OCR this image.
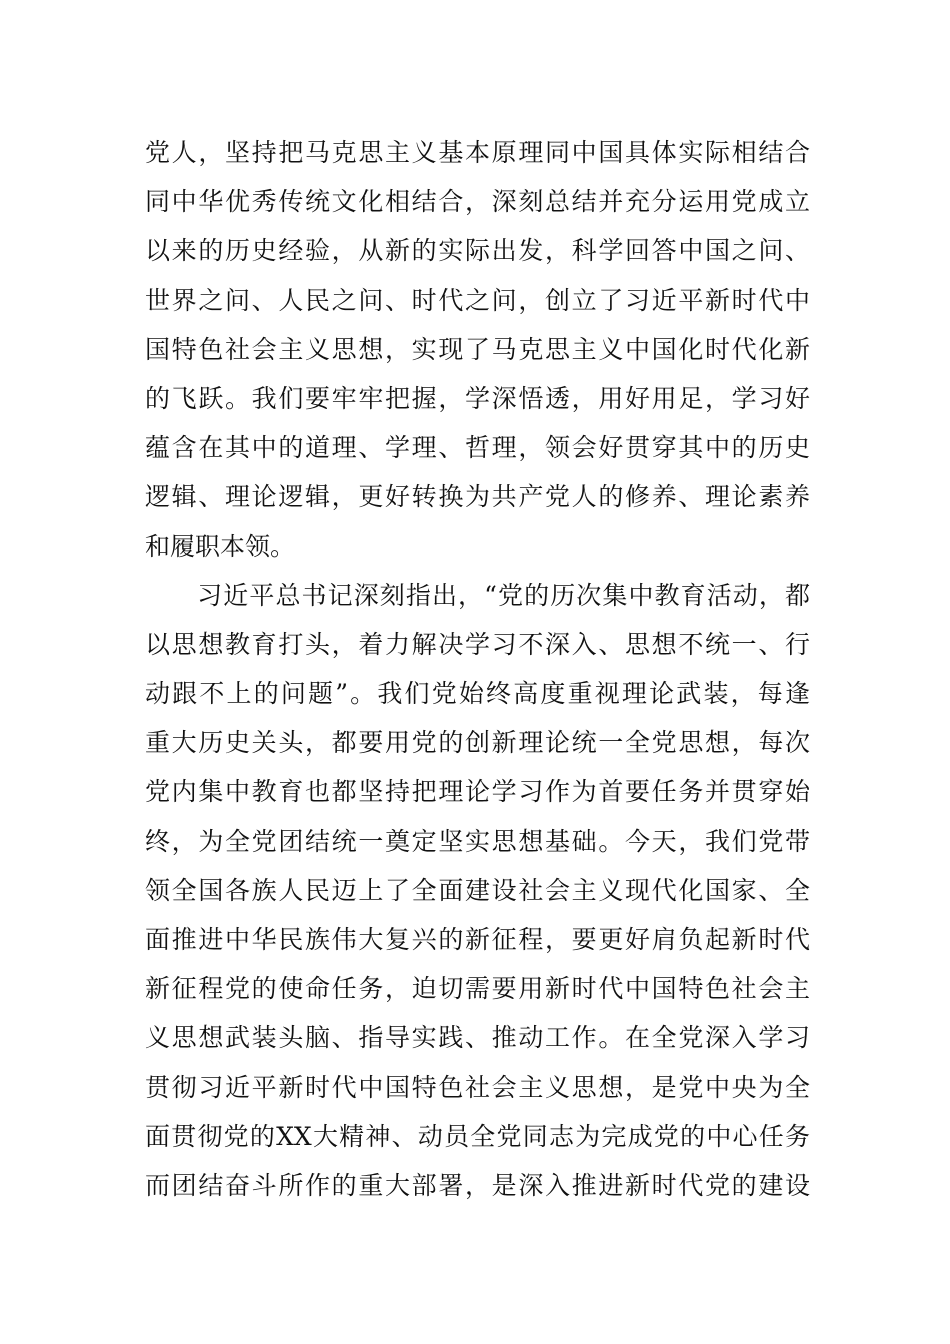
党人，坚持把马克思主义基本原理同中国具体实际相结合
同中华优秀传统文化相结合，深刻总结并充分运用党成立
以来的历史经验，从新的实际出发，科学回答中国之问、
世界之问、人民之问、时代之问，创立了习近平新时代中
国特色社会主义思想，实现了马克思主义中国化时代化新
的飞跃。我们要牢牢把握，学深悟透，用好用足，学习好
蕴含在其中的道理、学理、哲理，领会好贯穿其中的历史
逻辑、理论逻辑，更好转换为共产党人的修养、理论素养
和履职本领。
　　习近平总书记深刻指出，“党的历次集中教育活动，都
以思想教育打头，着力解决学习不深入、思想不统一、行
动跟不上的问题”。我们党始终高度重视理论武装，每逢
重大历史关头，都要用党的创新理论统一全党思想，每次
党内集中教育也都坚持把理论学习作为首要任务并贯穿始
终，为全党团结统一奠定坚实思想基础。今天，我们党带
领全国各族人民迈上了全面建设社会主义现代化国家、全
面推进中华民族伟大复兴的新征程，要更好肩负起新时代
新征程党的使命任务，迫切需要用新时代中国特色社会主
义思想武装头脑、指导实践、推动工作。在全党深入学习
贯彻习近平新时代中国特色社会主义思想，是党中央为全
面贯彻党的XX大精神、动员全党同志为完成党的中心任务
而团结奋斗所作的重大部署，是深入推进新时代党的建设
